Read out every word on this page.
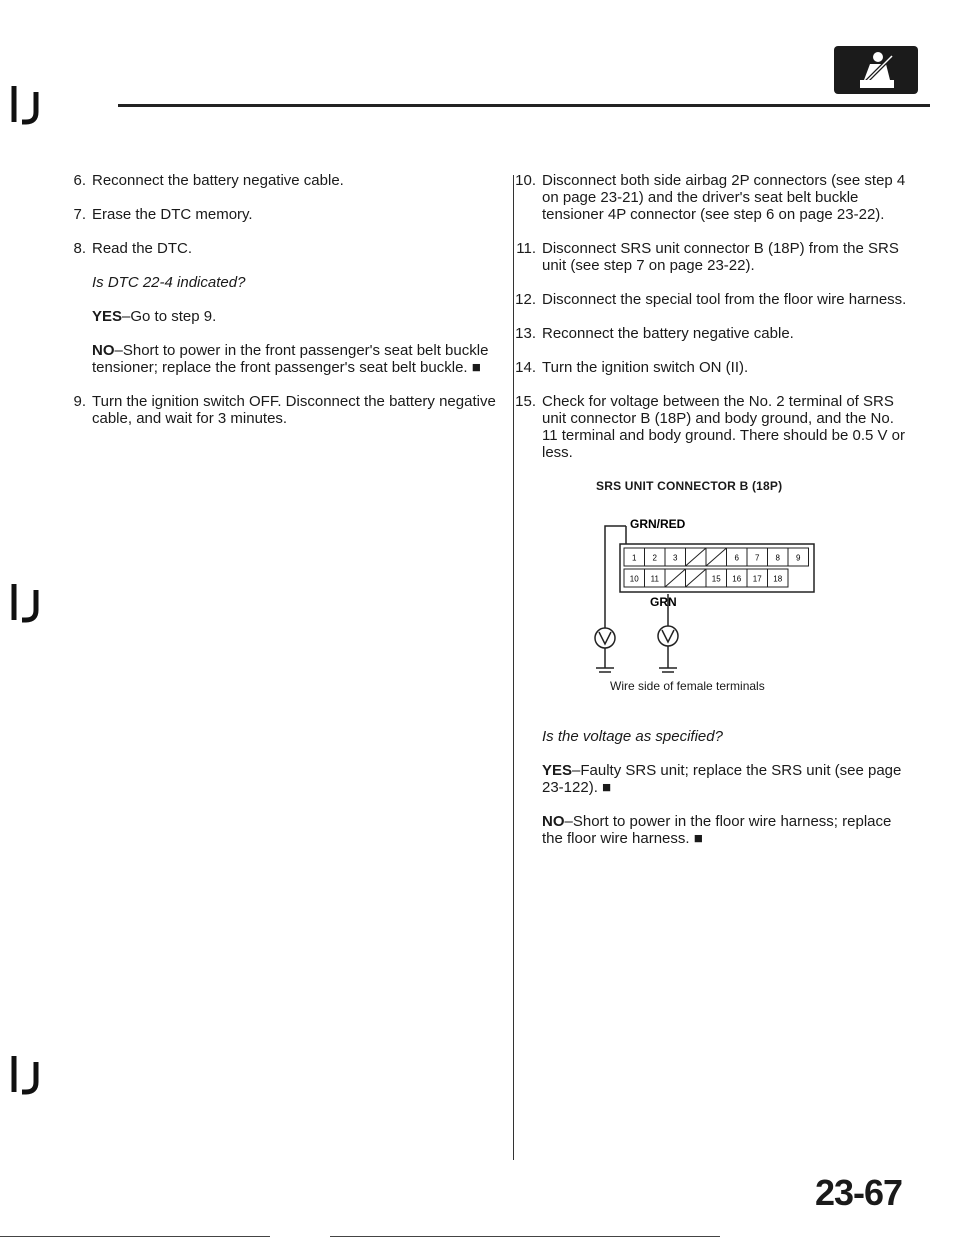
6. Reconnect the battery negative cable.

7. Erase the DTC memory.

8. Read the DTC.

Is DTC 22-4 indicated?

YES–Go to step 9.

NO–Short to power in the front passenger's seat belt buckle tensioner; replace the front passenger's seat belt buckle. ■

9. Turn the ignition switch OFF. Disconnect the battery negative cable, and wait for 3 minutes.

10. Disconnect both side airbag 2P connectors (see step 4 on page 23-21) and the driver's seat belt buckle tensioner 4P connector (see step 6 on page 23-22).

11. Disconnect SRS unit connector B (18P) from the SRS unit (see step 7 on page 23-22).

12. Disconnect the special tool from the floor wire harness.

13. Reconnect the battery negative cable.

14. Turn the ignition switch ON (II).

15. Check for voltage between the No. 2 terminal of SRS unit connector B (18P) and body ground, and the No. 11 terminal and body ground. There should be 0.5 V or less.

SRS UNIT CONNECTOR B (18P)
GRN/RED
GRN
1 2 3	6 7 8 9
10 11	15 16 17 18
Wire side of female terminals

Is the voltage as specified?

YES–Faulty SRS unit; replace the SRS unit (see page 23-122). ■

NO–Short to power in the floor wire harness; replace the floor wire harness. ■

23-67
